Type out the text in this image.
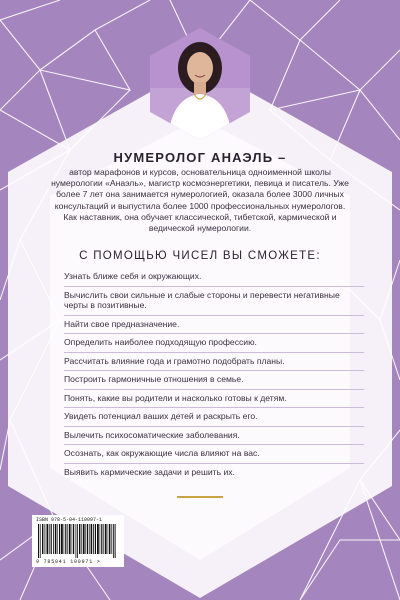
НУМЕРОЛОГ АНАЭЛЬ –
автор марафонов и курсов, основательница одноименной школы нумерологии «Анаэль», магистр космоэнергетики, певица и писатель. Уже более 7 лет она занимается нумерологией, оказала более 3000 личных консультаций и выпустила более 1000 профессиональных нумерологов. Как наставник, она обучает классической, тибетской, кармической и ведической нумерологии.
С ПОМОЩЬЮ ЧИСЕЛ ВЫ СМОЖЕТЕ:
Узнать ближе себя и окружающих.
Вычислить свои сильные и слабые стороны и перевести негативные черты в позитивные.
Найти свое предназначение.
Определить наиболее подходящую профессию.
Рассчитать влияние года и грамотно подобрать планы.
Построить гармоничные отношения в семье.
Понять, какие вы родители и насколько готовы к детям.
Увидеть потенциал ваших детей и раскрыть его.
Вылечить психосоматические заболевания.
Осознать, как окружающие числа влияют на вас.
Выявить кармические задачи и решить их.
ISBN 978-5-04-110097-1
9 785041 100971 >
